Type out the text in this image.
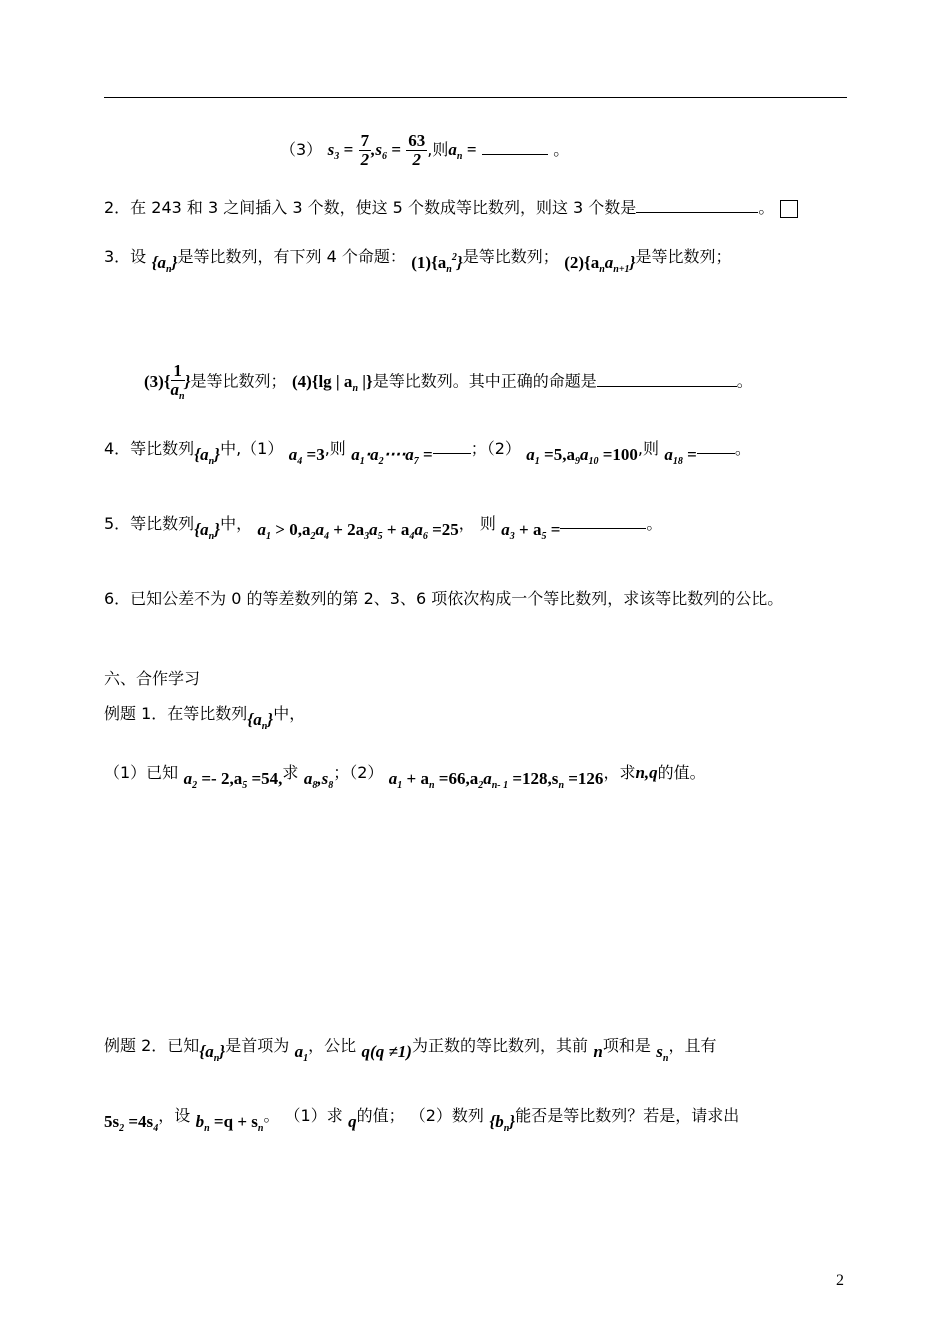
（3） $s_3 = \frac{7}{2} ,s_6 = \frac{63}{2}$ ,则$a_n$ =	。
2．在 243 和 3 之间插入 3 个数，使这 5 个数成等比数列，则这 3 个数是	。
3．设 $\{a_n\}$是等比数列，有下列 4 个命题： $(1)\{a_n^2\}$是等比数列； $(2)\{a_na_{n+1}\}$是等比数列；
$(3)\{ \frac{1}{a_n}$ }是等比数列； (4){lg | $a_n$ |}是等比数列。其中正确的命题是	。
4．等比数列$\{a_n\}$中,（1） $a_4 =3$,则 $a_1\cdot a_2\cdot\cdot\cdot\cdot a_7$ = ；（2） $a_1 =5,a_9a_{10} =100$,则 $a_{18}$ = 。
5．等比数列$\{a_n\}$中， $a_1 > 0,a_2a_4 + 2a_3a_5 + a_4a_6 =25$， 则 $a_3 + a_5$ =	。
6．已知公差不为 0 的等差数列的第 2、3、6 项依次构成一个等比数列，求该等比数列的公比。
六、合作学习
例题 1．在等比数列$\{a_n\}$中，
（1）已知 $a_2 =- 2,a_5 =54$,求 $a_8,s_8$；（2） $a_1 + a_n =66,a_2a_{n- 1} =128,s_n =126$，求n,q的值。
例题 2．已知$\{a_n\}$是首项为 $a_1$，公比 q(q ≠1)为正数的等比数列，其前 n项和是 $s_n$，且有
$5s_2 =4s_4$，设 $b_n =q + s_n$。 （1）求 q的值； （2）数列 $\{b_n\}$能否是等比数列？若是，请求出
2
